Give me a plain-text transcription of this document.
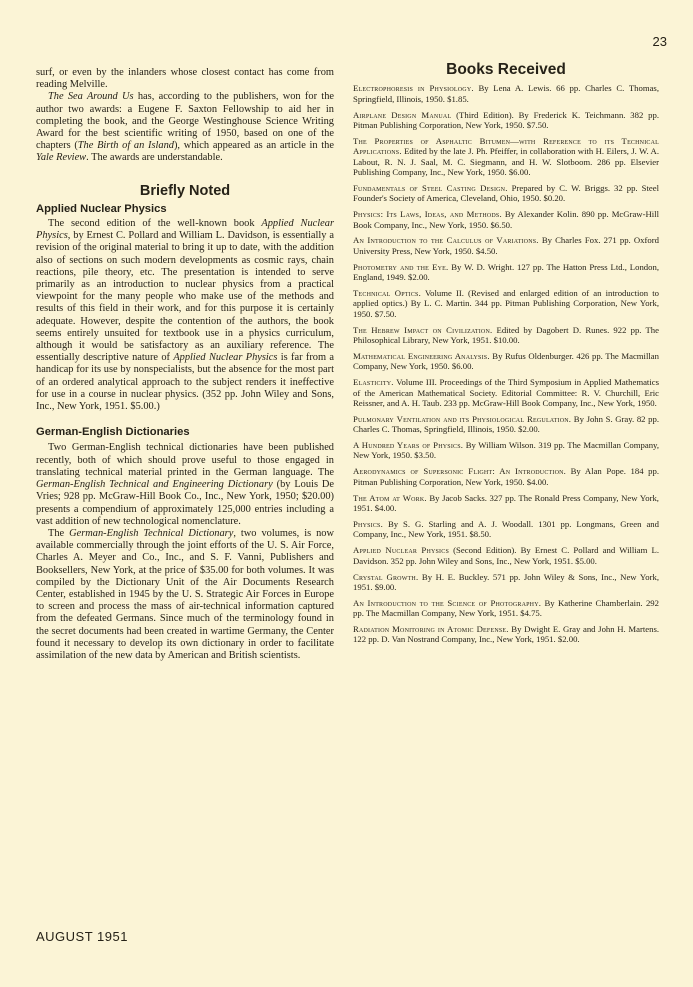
23

surf, or even by the inlanders whose closest contact has come from reading Melville.

The Sea Around Us has, according to the publishers, won for the author two awards: a Eugene F. Saxton Fellowship to aid her in completing the book, and the George Westinghouse Science Writing Award for the best scientific writing of 1950, based on one of the chapters (The Birth of an Island), which appeared as an article in the Yale Review. The awards are understandable.

Briefly Noted
Applied Nuclear Physics

The second edition of the well-known book Applied Nuclear Physics, by Ernest C. Pollard and William L. Davidson, is essentially a revision of the original material to bring it up to date, with the addition also of sections on such modern developments as cosmic rays, chain reactions, pile theory, etc. The presentation is intended to serve primarily as an introduction to nuclear physics from a practical viewpoint for the many people who make use of the methods and results of this field in their work, and for this purpose it is certainly adequate. However, despite the contention of the authors, the book seems entirely unsuited for textbook use in a physics curriculum, although it would be satisfactory as an auxiliary reference. The essentially descriptive nature of Applied Nuclear Physics is far from a handicap for its use by nonspecialists, but the absence for the most part of an ordered analytical approach to the subject renders it ineffective for use in a course in nuclear physics. (352 pp. John Wiley and Sons, Inc., New York, 1951. $5.00.)

German-English Dictionaries

Two German-English technical dictionaries have been published recently, both of which should prove useful to those engaged in translating technical material printed in the German language. The German-English Technical and Engineering Dictionary (by Louis De Vries; 928 pp. McGraw-Hill Book Co., Inc., New York, 1950; $20.00) presents a compendium of approximately 125,000 entries including a vast addition of new technological nomenclature.

The German-English Technical Dictionary, two volumes, is now available commercially through the joint efforts of the U. S. Air Force, Charles A. Meyer and Co., Inc., and S. F. Vanni, Publishers and Booksellers, New York, at the price of $35.00 for both volumes. It was compiled by the Dictionary Unit of the Air Documents Research Center, established in 1945 by the U. S. Strategic Air Forces in Europe to screen and process the mass of air-technical information captured from the defeated Germans. Since much of the terminology found in the secret documents had been created in wartime Germany, the Center found it necessary to develop its own dictionary in order to facilitate assimilation of the new data by American and British scientists.

Books Received

Electrophoresis in Physiology. By Lena A. Lewis. 66 pp. Charles C. Thomas, Springfield, Illinois, 1950. $1.85.

Airplane Design Manual (Third Edition). By Frederick K. Teichmann. 382 pp. Pitman Publishing Corporation, New York, 1950. $7.50.

The Properties of Asphaltic Bitumen—with Reference to its Technical Applications. Edited by the late J. Ph. Pfeiffer, in collaboration with H. Eilers, J. W. A. Labout, R. N. J. Saal, M. C. Siegmann, and H. W. Slotboom. 286 pp. Elsevier Publishing Company, Inc., New York, 1950. $6.00.

Fundamentals of Steel Casting Design. Prepared by C. W. Briggs. 32 pp. Steel Founder's Society of America, Cleveland, Ohio, 1950. $0.20.

Physics: Its Laws, Ideas, and Methods. By Alexander Kolin. 890 pp. McGraw-Hill Book Company, Inc., New York, 1950. $6.50.

An Introduction to the Calculus of Variations. By Charles Fox. 271 pp. Oxford University Press, New York, 1950. $4.50.

Photometry and the Eye. By W. D. Wright. 127 pp. The Hatton Press Ltd., London, England, 1949. $2.00.

Technical Optics. Volume II. (Revised and enlarged edition of an introduction to applied optics.) By L. C. Martin. 344 pp. Pitman Publishing Corporation, New York, 1950. $7.50.

The Hebrew Impact on Civilization. Edited by Dagobert D. Runes. 922 pp. The Philosophical Library, New York, 1951. $10.00.

Mathematical Engineering Analysis. By Rufus Oldenburger. 426 pp. The Macmillan Company, New York, 1950. $6.00.

Elasticity. Volume III. Proceedings of the Third Symposium in Applied Mathematics of the American Mathematical Society. Editorial Committee: R. V. Churchill, Eric Reissner, and A. H. Taub. 233 pp. McGraw-Hill Book Company, Inc., New York, 1950.

Pulmonary Ventilation and its Physiological Regulation. By John S. Gray. 82 pp. Charles C. Thomas, Springfield, Illinois, 1950. $2.00.

A Hundred Years of Physics. By William Wilson. 319 pp. The Macmillan Company, New York, 1950. $3.50.

Aerodynamics of Supersonic Flight: An Introduction. By Alan Pope. 184 pp. Pitman Publishing Corporation, New York, 1950. $4.00.

The Atom at Work. By Jacob Sacks. 327 pp. The Ronald Press Company, New York, 1951. $4.00.

Physics. By S. G. Starling and A. J. Woodall. 1301 pp. Longmans, Green and Company, Inc., New York, 1951. $8.50.

Applied Nuclear Physics (Second Edition). By Ernest C. Pollard and William L. Davidson. 352 pp. John Wiley and Sons, Inc., New York, 1951. $5.00.

Crystal Growth. By H. E. Buckley. 571 pp. John Wiley & Sons, Inc., New York, 1951. $9.00.

An Introduction to the Science of Photography. By Katherine Chamberlain. 292 pp. The Macmillan Company, New York, 1951. $4.75.

Radiation Monitoring in Atomic Defense. By Dwight E. Gray and John H. Martens. 122 pp. D. Van Nostrand Company, Inc., New York, 1951. $2.00.

AUGUST 1951
